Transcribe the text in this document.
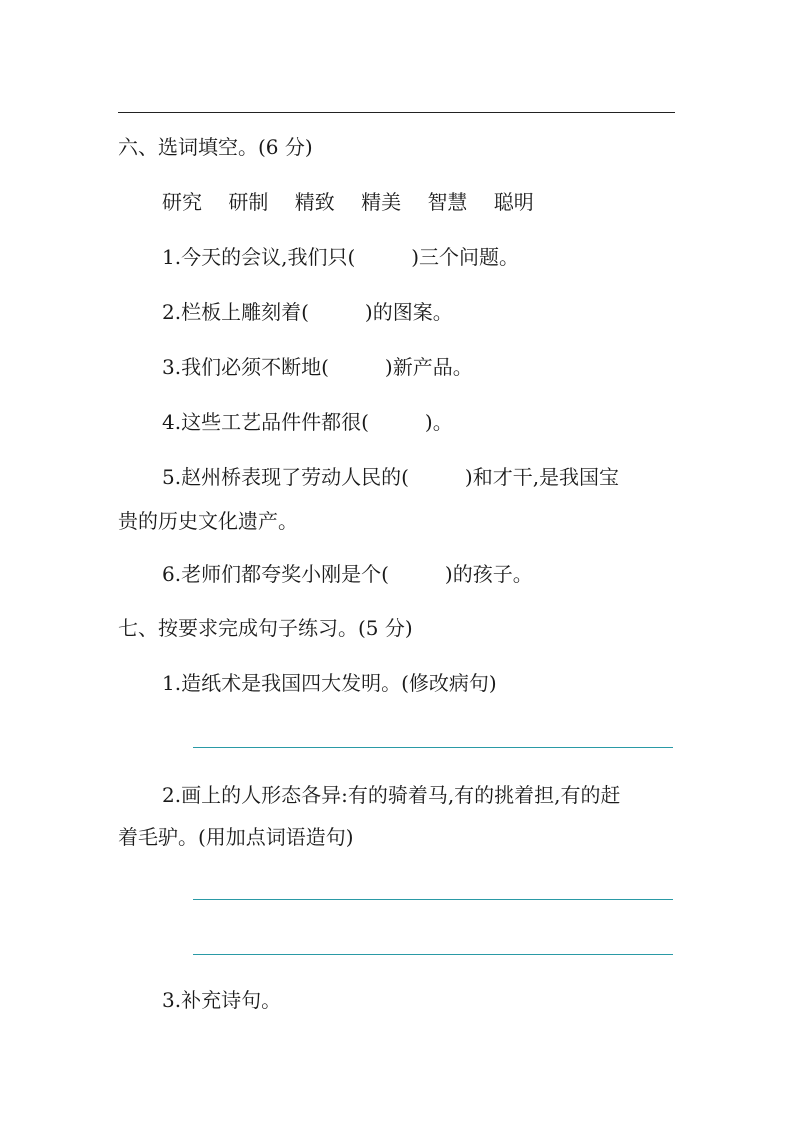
六、选词填空。(6 分)
研究 研制 精致 精美 智慧 聪明
1.今天的会议,我们只(	)三个问题。
2.栏板上雕刻着(	)的图案。
3.我们必须不断地(	)新产品。
4.这些工艺品件件都很(	)。
5.赵州桥表现了劳动人民的(	)和才干,是我国宝
贵的历史文化遗产。
6.老师们都夸奖小刚是个(	)的孩子。
七、按要求完成句子练习。(5 分)
1.造纸术是我国四大发明。(修改病句)
2.画上的人形态各异:有的骑着马,有的挑着担,有的赶
着毛驴。(用加点词语造句)
3.补充诗句。
